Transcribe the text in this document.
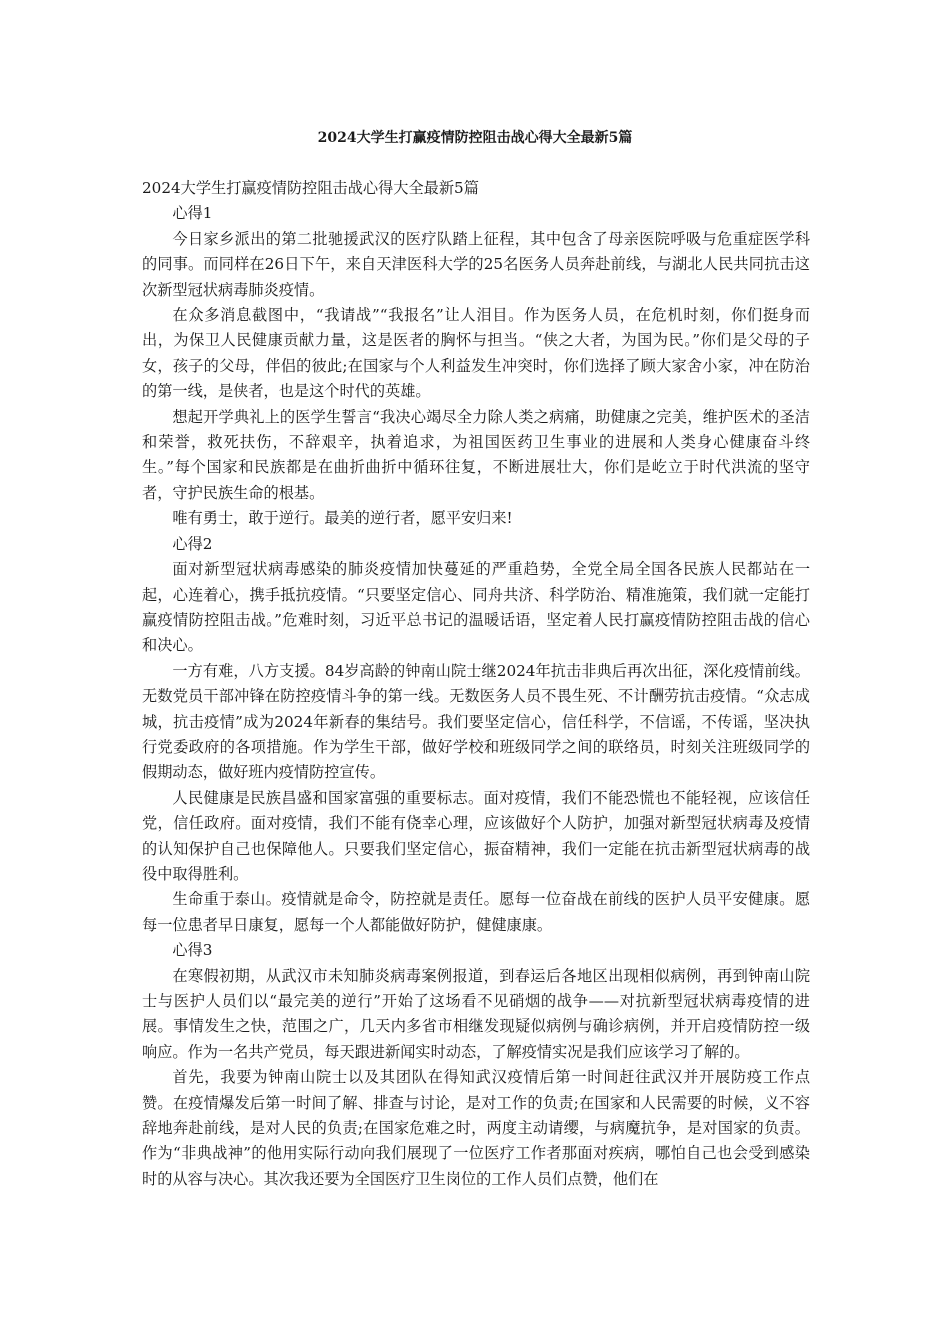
2024大学生打赢疫情防控阻击战心得大全最新5篇

2024大学生打赢疫情防控阻击战心得大全最新5篇

心得1

今日家乡派出的第二批驰援武汉的医疗队踏上征程，其中包含了母亲医院呼吸与危重症医学科的同事。而同样在26日下午，来自天津医科大学的25名医务人员奔赴前线，与湖北人民共同抗击这次新型冠状病毒肺炎疫情。

在众多消息截图中，“我请战”“我报名”让人泪目。作为医务人员，在危机时刻，你们挺身而出，为保卫人民健康贡献力量，这是医者的胸怀与担当。“侠之大者，为国为民。”你们是父母的子女，孩子的父母，伴侣的彼此;在国家与个人利益发生冲突时，你们选择了顾大家舍小家，冲在防治的第一线，是侠者，也是这个时代的英雄。

想起开学典礼上的医学生誓言“我决心竭尽全力除人类之病痛，助健康之完美，维护医术的圣洁和荣誉，救死扶伤，不辞艰辛，执着追求，为祖国医药卫生事业的进展和人类身心健康奋斗终生。”每个国家和民族都是在曲折曲折中循环往复，不断进展壮大，你们是屹立于时代洪流的坚守者，守护民族生命的根基。

唯有勇士，敢于逆行。最美的逆行者，愿平安归来!

心得2

面对新型冠状病毒感染的肺炎疫情加快蔓延的严重趋势，全党全局全国各民族人民都站在一起，心连着心，携手抵抗疫情。“只要坚定信心、同舟共济、科学防治、精准施策，我们就一定能打赢疫情防控阻击战。”危难时刻，习近平总书记的温暖话语，坚定着人民打赢疫情防控阻击战的信心和决心。

一方有难，八方支援。84岁高龄的钟南山院士继2024年抗击非典后再次出征，深化疫情前线。无数党员干部冲锋在防控疫情斗争的第一线。无数医务人员不畏生死、不计酬劳抗击疫情。“众志成城，抗击疫情”成为2024年新春的集结号。我们要坚定信心，信任科学，不信谣，不传谣，坚决执行党委政府的各项措施。作为学生干部，做好学校和班级同学之间的联络员，时刻关注班级同学的假期动态，做好班内疫情防控宣传。

人民健康是民族昌盛和国家富强的重要标志。面对疫情，我们不能恐慌也不能轻视，应该信任党，信任政府。面对疫情，我们不能有侥幸心理，应该做好个人防护，加强对新型冠状病毒及疫情的认知保护自己也保障他人。只要我们坚定信心，振奋精神，我们一定能在抗击新型冠状病毒的战役中取得胜利。

生命重于泰山。疫情就是命令，防控就是责任。愿每一位奋战在前线的医护人员平安健康。愿每一位患者早日康复，愿每一个人都能做好防护，健健康康。

心得3

在寒假初期，从武汉市未知肺炎病毒案例报道，到春运后各地区出现相似病例，再到钟南山院士与医护人员们以“最完美的逆行”开始了这场看不见硝烟的战争——对抗新型冠状病毒疫情的进展。事情发生之快，范围之广，几天内多省市相继发现疑似病例与确诊病例，并开启疫情防控一级响应。作为一名共产党员，每天跟进新闻实时动态，了解疫情实况是我们应该学习了解的。

首先，我要为钟南山院士以及其团队在得知武汉疫情后第一时间赶往武汉并开展防疫工作点赞。在疫情爆发后第一时间了解、排查与讨论，是对工作的负责;在国家和人民需要的时候，义不容辞地奔赴前线，是对人民的负责;在国家危难之时，两度主动请缨，与病魔抗争，是对国家的负责。作为“非典战神”的他用实际行动向我们展现了一位医疗工作者那面对疾病，哪怕自己也会受到感染时的从容与决心。其次我还要为全国医疗卫生岗位的工作人员们点赞，他们在
